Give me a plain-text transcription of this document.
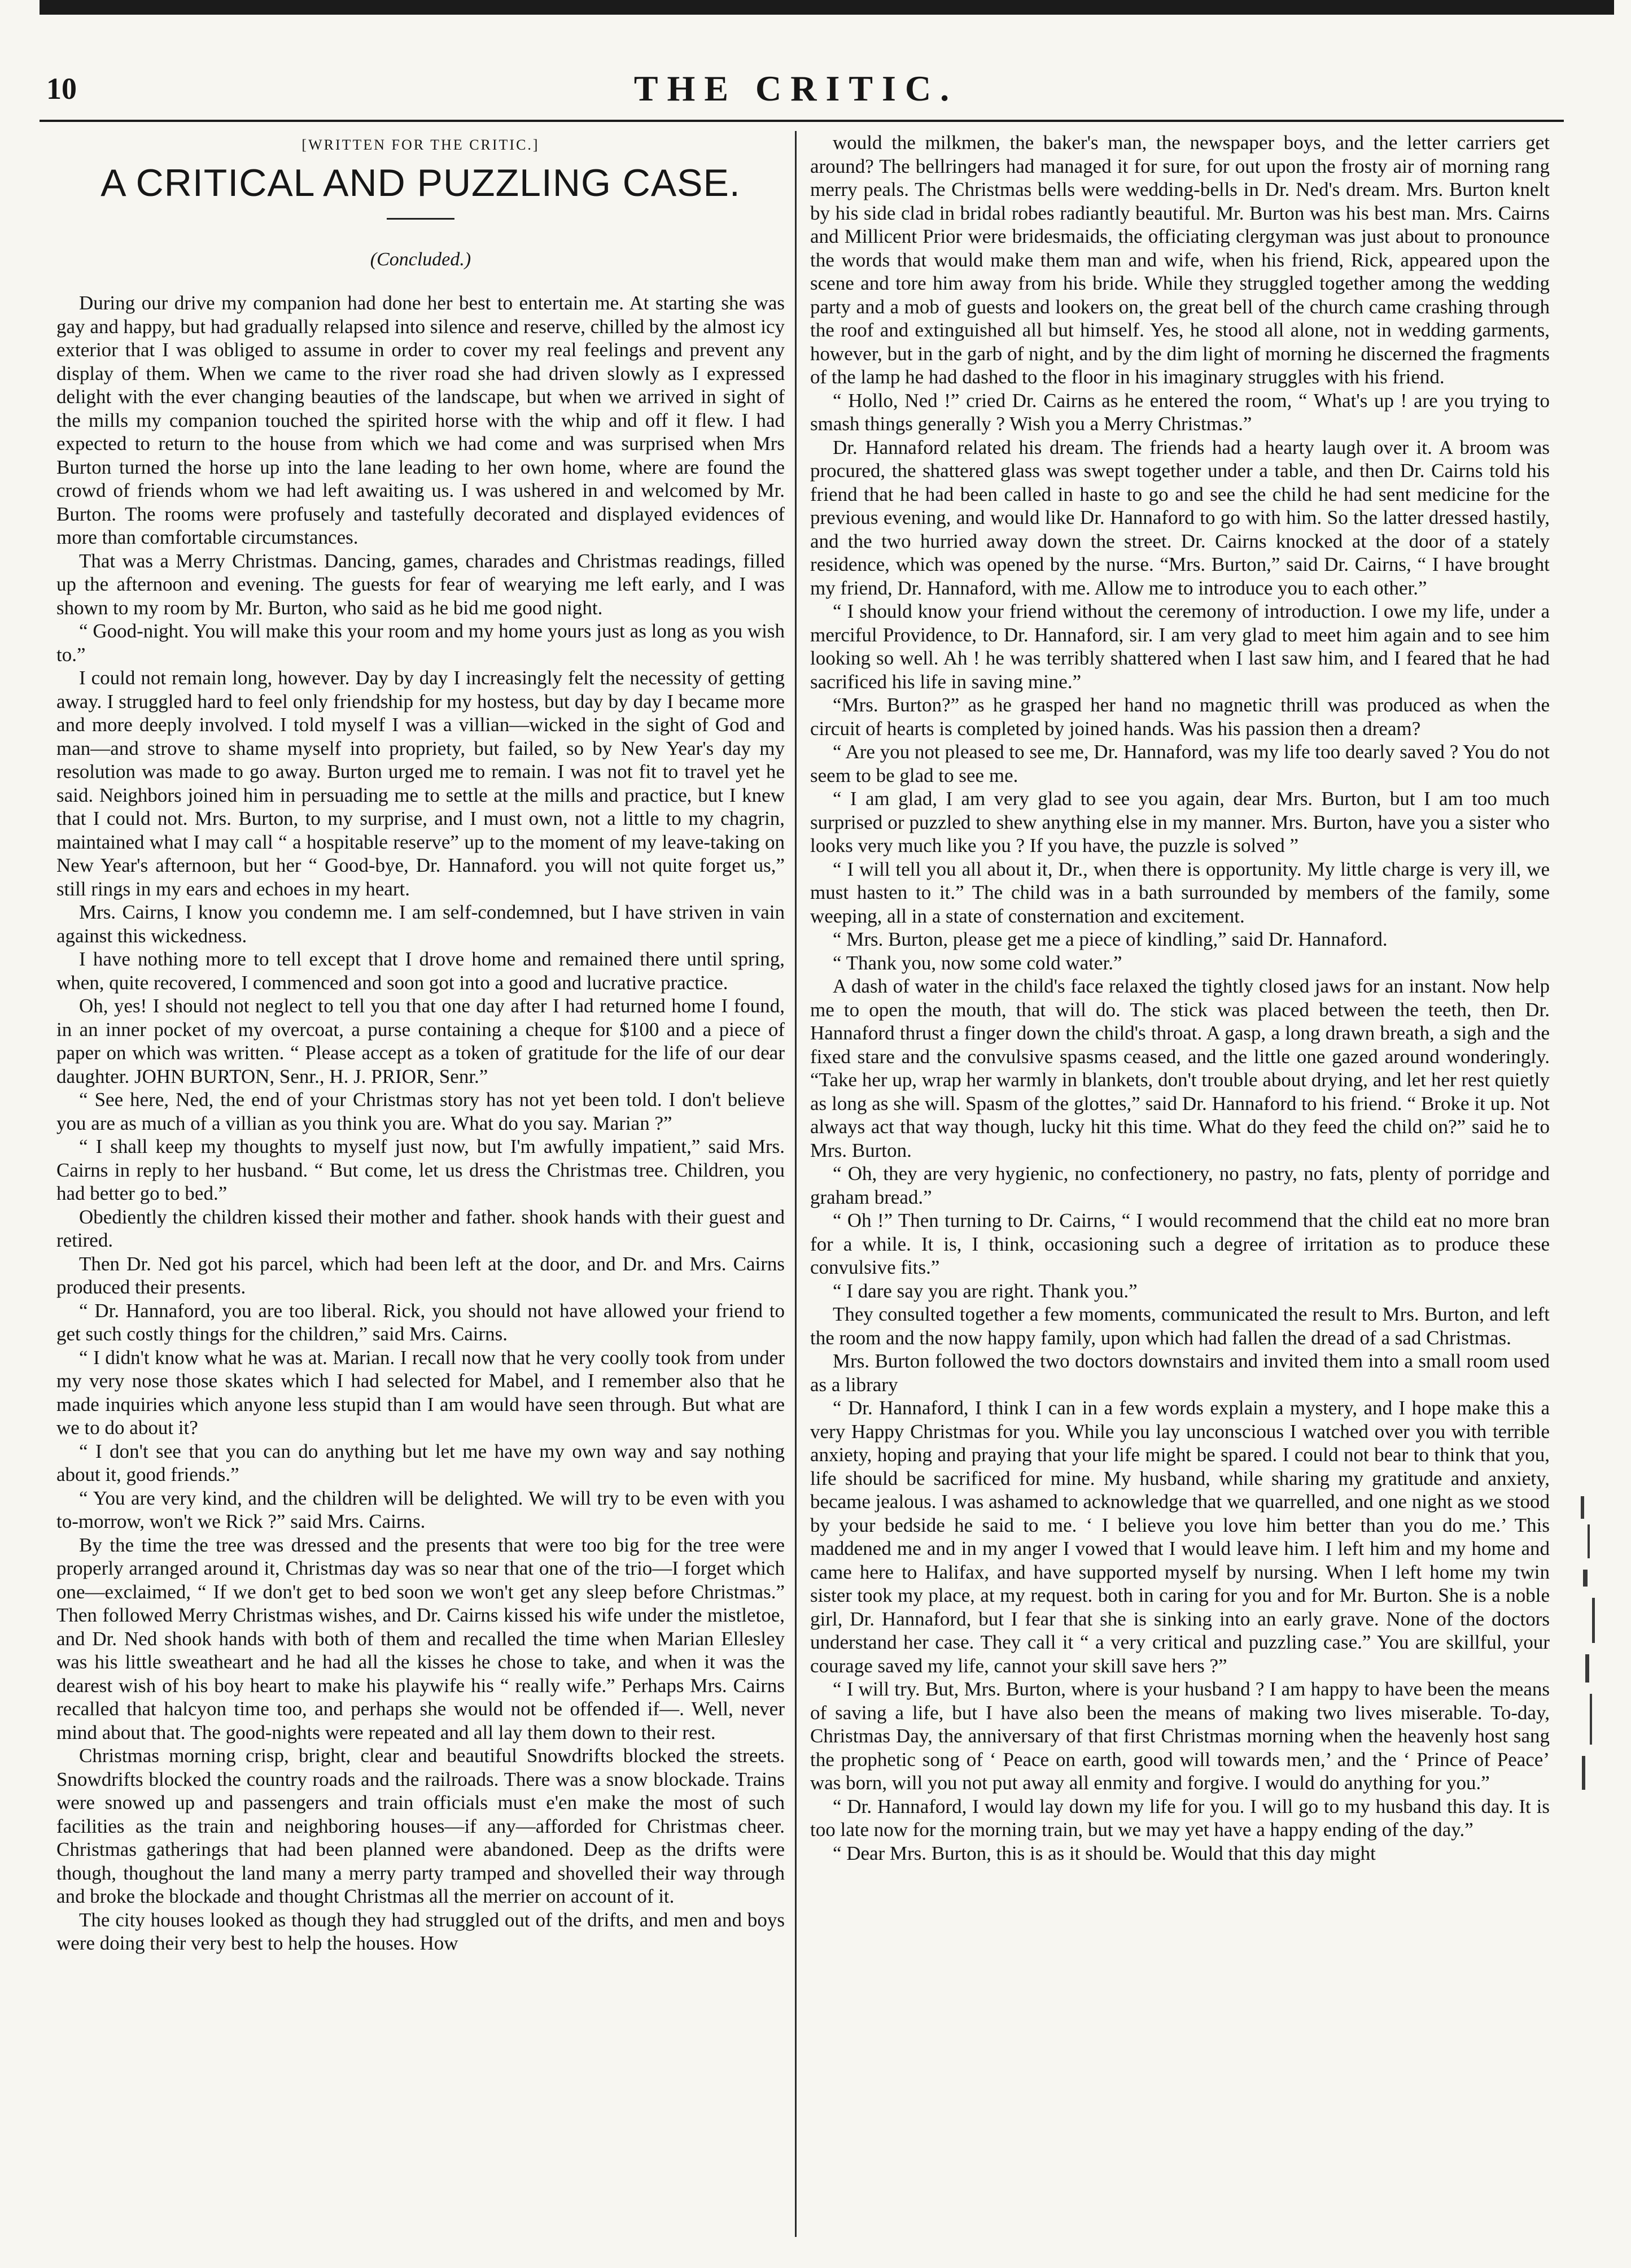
10	THE CRITIC.
[WRITTEN FOR THE CRITIC.]
A CRITICAL AND PUZZLING CASE.
(Concluded.)

During our drive my companion had done her best to entertain me. At starting she was gay and happy, but had gradually relapsed into silence and reserve, chilled by the almost icy exterior that I was obliged to assume in order to cover my real feelings and prevent any display of them. When we came to the river road she had driven slowly as I expressed delight with the ever changing beauties of the landscape, but when we arrived in sight of the mills my companion touched the spirited horse with the whip and off it flew. I had expected to return to the house from which we had come and was surprised when Mrs Burton turned the horse up into the lane leading to her own home, where are found the crowd of friends whom we had left awaiting us. I was ushered in and welcomed by Mr. Burton. The rooms were profusely and tastefully decorated and displayed evidences of more than comfortable circumstances.

That was a Merry Christmas. Dancing, games, charades and Christmas readings, filled up the afternoon and evening. The guests for fear of wearying me left early, and I was shown to my room by Mr. Burton, who said as he bid me good night.

“ Good-night. You will make this your room and my home yours just as long as you wish to.”

I could not remain long, however. Day by day I increasingly felt the necessity of getting away. I struggled hard to feel only friendship for my hostess, but day by day I became more and more deeply involved. I told myself I was a villian—wicked in the sight of God and man—and strove to shame myself into propriety, but failed, so by New Year's day my resolution was made to go away. Burton urged me to remain. I was not fit to travel yet he said. Neighbors joined him in persuading me to settle at the mills and practice, but I knew that I could not. Mrs. Burton, to my surprise, and I must own, not a little to my chagrin, maintained what I may call “ a hospitable reserve” up to the moment of my leave-taking on New Year's afternoon, but her “ Good-bye, Dr. Hannaford. you will not quite forget us,” still rings in my ears and echoes in my heart.

Mrs. Cairns, I know you condemn me. I am self-condemned, but I have striven in vain against this wickedness.

I have nothing more to tell except that I drove home and remained there until spring, when, quite recovered, I commenced and soon got into a good and lucrative practice.

Oh, yes! I should not neglect to tell you that one day after I had returned home I found, in an inner pocket of my overcoat, a purse containing a cheque for $100 and a piece of paper on which was written. “ Please accept as a token of gratitude for the life of our dear daughter. JOHN BURTON, Senr., H. J. PRIOR, Senr.”

“ See here, Ned, the end of your Christmas story has not yet been told. I don't believe you are as much of a villian as you think you are. What do you say. Marian ?”

“ I shall keep my thoughts to myself just now, but I'm awfully impatient,” said Mrs. Cairns in reply to her husband. “ But come, let us dress the Christmas tree. Children, you had better go to bed.”

Obediently the children kissed their mother and father. shook hands with their guest and retired.

Then Dr. Ned got his parcel, which had been left at the door, and Dr. and Mrs. Cairns produced their presents.

“ Dr. Hannaford, you are too liberal. Rick, you should not have allowed your friend to get such costly things for the children,” said Mrs. Cairns.

“ I didn't know what he was at. Marian. I recall now that he very coolly took from under my very nose those skates which I had selected for Mabel, and I remember also that he made inquiries which anyone less stupid than I am would have seen through. But what are we to do about it?

“ I don't see that you can do anything but let me have my own way and say nothing about it, good friends.”

“ You are very kind, and the children will be delighted. We will try to be even with you to-morrow, won't we Rick ?” said Mrs. Cairns.

By the time the tree was dressed and the presents that were too big for the tree were properly arranged around it, Christmas day was so near that one of the trio—I forget which one—exclaimed, “ If we don't get to bed soon we won't get any sleep before Christmas.” Then followed Merry Christmas wishes, and Dr. Cairns kissed his wife under the mistletoe, and Dr. Ned shook hands with both of them and recalled the time when Marian Ellesley was his little sweatheart and he had all the kisses he chose to take, and when it was the dearest wish of his boy heart to make his playwife his “ really wife.” Perhaps Mrs. Cairns recalled that halcyon time too, and perhaps she would not be offended if—. Well, never mind about that. The good-nights were repeated and all lay them down to their rest.

Christmas morning crisp, bright, clear and beautiful Snowdrifts blocked the streets. Snowdrifts blocked the country roads and the railroads. There was a snow blockade. Trains were snowed up and passengers and train officials must e'en make the most of such facilities as the train and neighboring houses—if any—afforded for Christmas cheer. Christmas gatherings that had been planned were abandoned. Deep as the drifts were though, thoughout the land many a merry party tramped and shovelled their way through and broke the blockade and thought Christmas all the merrier on account of it.

The city houses looked as though they had struggled out of the drifts, and men and boys were doing their very best to help the houses. How

would the milkmen, the baker's man, the newspaper boys, and the letter carriers get around? The bellringers had managed it for sure, for out upon the frosty air of morning rang merry peals. The Christmas bells were wedding-bells in Dr. Ned's dream. Mrs. Burton knelt by his side clad in bridal robes radiantly beautiful. Mr. Burton was his best man. Mrs. Cairns and Millicent Prior were bridesmaids, the officiating clergyman was just about to pronounce the words that would make them man and wife, when his friend, Rick, appeared upon the scene and tore him away from his bride. While they struggled together among the wedding party and a mob of guests and lookers on, the great bell of the church came crashing through the roof and extinguished all but himself. Yes, he stood all alone, not in wedding garments, however, but in the garb of night, and by the dim light of morning he discerned the fragments of the lamp he had dashed to the floor in his imaginary struggles with his friend.

“ Hollo, Ned !” cried Dr. Cairns as he entered the room, “ What's up ! are you trying to smash things generally ? Wish you a Merry Christmas.”

Dr. Hannaford related his dream. The friends had a hearty laugh over it. A broom was procured, the shattered glass was swept together under a table, and then Dr. Cairns told his friend that he had been called in haste to go and see the child he had sent medicine for the previous evening, and would like Dr. Hannaford to go with him. So the latter dressed hastily, and the two hurried away down the street. Dr. Cairns knocked at the door of a stately residence, which was opened by the nurse. “Mrs. Burton,” said Dr. Cairns, “ I have brought my friend, Dr. Hannaford, with me. Allow me to introduce you to each other.”

“ I should know your friend without the ceremony of introduction. I owe my life, under a merciful Providence, to Dr. Hannaford, sir. I am very glad to meet him again and to see him looking so well. Ah ! he was terribly shattered when I last saw him, and I feared that he had sacrificed his life in saving mine.”

“Mrs. Burton?” as he grasped her hand no magnetic thrill was produced as when the circuit of hearts is completed by joined hands. Was his passion then a dream?

“ Are you not pleased to see me, Dr. Hannaford, was my life too dearly saved ? You do not seem to be glad to see me.

“ I am glad, I am very glad to see you again, dear Mrs. Burton, but I am too much surprised or puzzled to shew anything else in my manner. Mrs. Burton, have you a sister who looks very much like you ? If you have, the puzzle is solved ”

“ I will tell you all about it, Dr., when there is opportunity. My little charge is very ill, we must hasten to it.” The child was in a bath surrounded by members of the family, some weeping, all in a state of consternation and excitement.

“ Mrs. Burton, please get me a piece of kindling,” said Dr. Hannaford.

“ Thank you, now some cold water.”

A dash of water in the child's face relaxed the tightly closed jaws for an instant. Now help me to open the mouth, that will do. The stick was placed between the teeth, then Dr. Hannaford thrust a finger down the child's throat. A gasp, a long drawn breath, a sigh and the fixed stare and the convulsive spasms ceased, and the little one gazed around wonderingly. “Take her up, wrap her warmly in blankets, don't trouble about drying, and let her rest quietly as long as she will. Spasm of the glottes,” said Dr. Hannaford to his friend. “ Broke it up. Not always act that way though, lucky hit this time. What do they feed the child on?” said he to Mrs. Burton.

“ Oh, they are very hygienic, no confectionery, no pastry, no fats, plenty of porridge and graham bread.”

“ Oh !” Then turning to Dr. Cairns, “ I would recommend that the child eat no more bran for a while. It is, I think, occasioning such a degree of irritation as to produce these convulsive fits.”

“ I dare say you are right. Thank you.”

They consulted together a few moments, communicated the result to Mrs. Burton, and left the room and the now happy family, upon which had fallen the dread of a sad Christmas.

Mrs. Burton followed the two doctors downstairs and invited them into a small room used as a library

“ Dr. Hannaford, I think I can in a few words explain a mystery, and I hope make this a very Happy Christmas for you. While you lay unconscious I watched over you with terrible anxiety, hoping and praying that your life might be spared. I could not bear to think that you, life should be sacrificed for mine. My husband, while sharing my gratitude and anxiety, became jealous. I was ashamed to acknowledge that we quarrelled, and one night as we stood by your bedside he said to me. ‘ I believe you love him better than you do me.’ This maddened me and in my anger I vowed that I would leave him. I left him and my home and came here to Halifax, and have supported myself by nursing. When I left home my twin sister took my place, at my request. both in caring for you and for Mr. Burton. She is a noble girl, Dr. Hannaford, but I fear that she is sinking into an early grave. None of the doctors understand her case. They call it “ a very critical and puzzling case.” You are skillful, your courage saved my life, cannot your skill save hers ?”

“ I will try. But, Mrs. Burton, where is your husband ? I am happy to have been the means of saving a life, but I have also been the means of making two lives miserable. To-day, Christmas Day, the anniversary of that first Christmas morning when the heavenly host sang the prophetic song of ‘ Peace on earth, good will towards men,’ and the ‘ Prince of Peace’ was born, will you not put away all enmity and forgive. I would do anything for you.”

“ Dr. Hannaford, I would lay down my life for you. I will go to my husband this day. It is too late now for the morning train, but we may yet have a happy ending of the day.”

“ Dear Mrs. Burton, this is as it should be. Would that this day might
